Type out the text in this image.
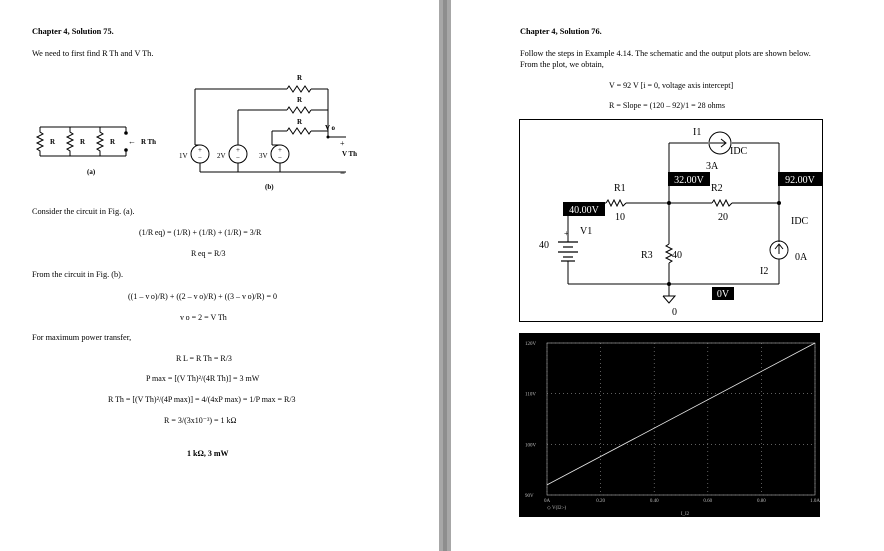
Chapter 4, Solution 75.
We need to first find R Th and V Th.
R	R	R ← R Th
(a)
+
−
+
−
+
−
R
R
R
1V	2V	3V
V o
+
V Th
−
(b)
Consider the circuit in Fig. (a).
(1/R eq) = (1/R) + (1/R) + (1/R) = 3/R
R eq = R/3
From the circuit in Fig. (b).
((1 – v o)/R) + ((2 – v o)/R) + ((3 – v o)/R) = 0
v o = 2 = V Th
For maximum power transfer,
R L = R Th = R/3
P max = [(V Th)²/(4R Th)] = 3 mW
R Th = [(V Th)²/(4P max)] = 4/(4xP max) = 1/P max = R/3
R = 3/(3x10⁻³) = 1 kΩ
1 kΩ, 3 mW
Chapter 4, Solution 76.
Follow the steps in Example 4.14. The schematic and the output plots are shown below.
From the plot, we obtain,
V = 92 V [i = 0, voltage axis intercept]
R = Slope = (120 – 92)/1 = 28 ohms
32.00V	92.00V
40.00V
0V
I1
IDC
3A
R1	R2
10	20	IDC
+ V1
40
R3 40	0A
I2
0
120V
110V
100V
90V
0A	0.20	0.40	0.60	0.80	1.0A
◇ V(I2:-)
I_I2
